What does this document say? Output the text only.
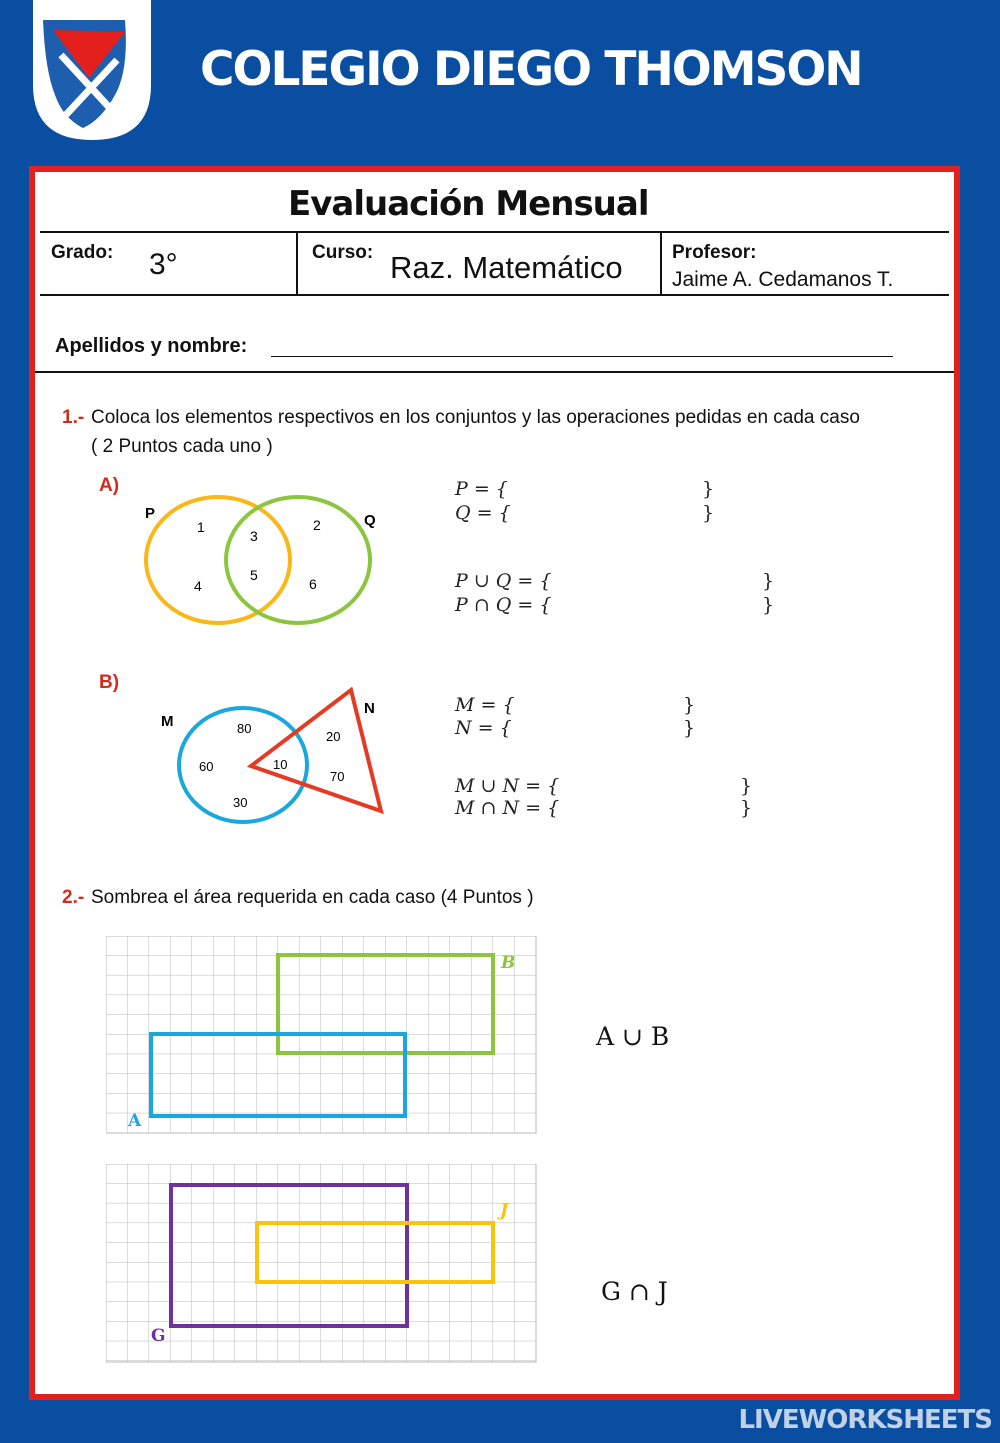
COLEGIO DIEGO THOMSON
Evaluación Mensual
Grado: 3°	Curso: Raz. Matemático	Profesor:
Jaime A. Cedamanos T.
Apellidos y nombre:
1.- Coloca los elementos respectivos en los conjuntos y las operaciones pedidas en cada caso
( 2 Puntos cada uno )
A)
P	Q
1
4
3
5
2
6
P = {	}
Q = {	}
P ∪ Q = {	}
P ∩ Q = {	}
B)
M
N
80
60
30
10
20
70
M = {	}
N = {	}
M ∪ N = {	}
M ∩ N = {	}
2.- Sombrea el área requerida en cada caso (4 Puntos )
B
A
A ∪ B
J
G
G ∩ J
LIVEWORKSHEETS
